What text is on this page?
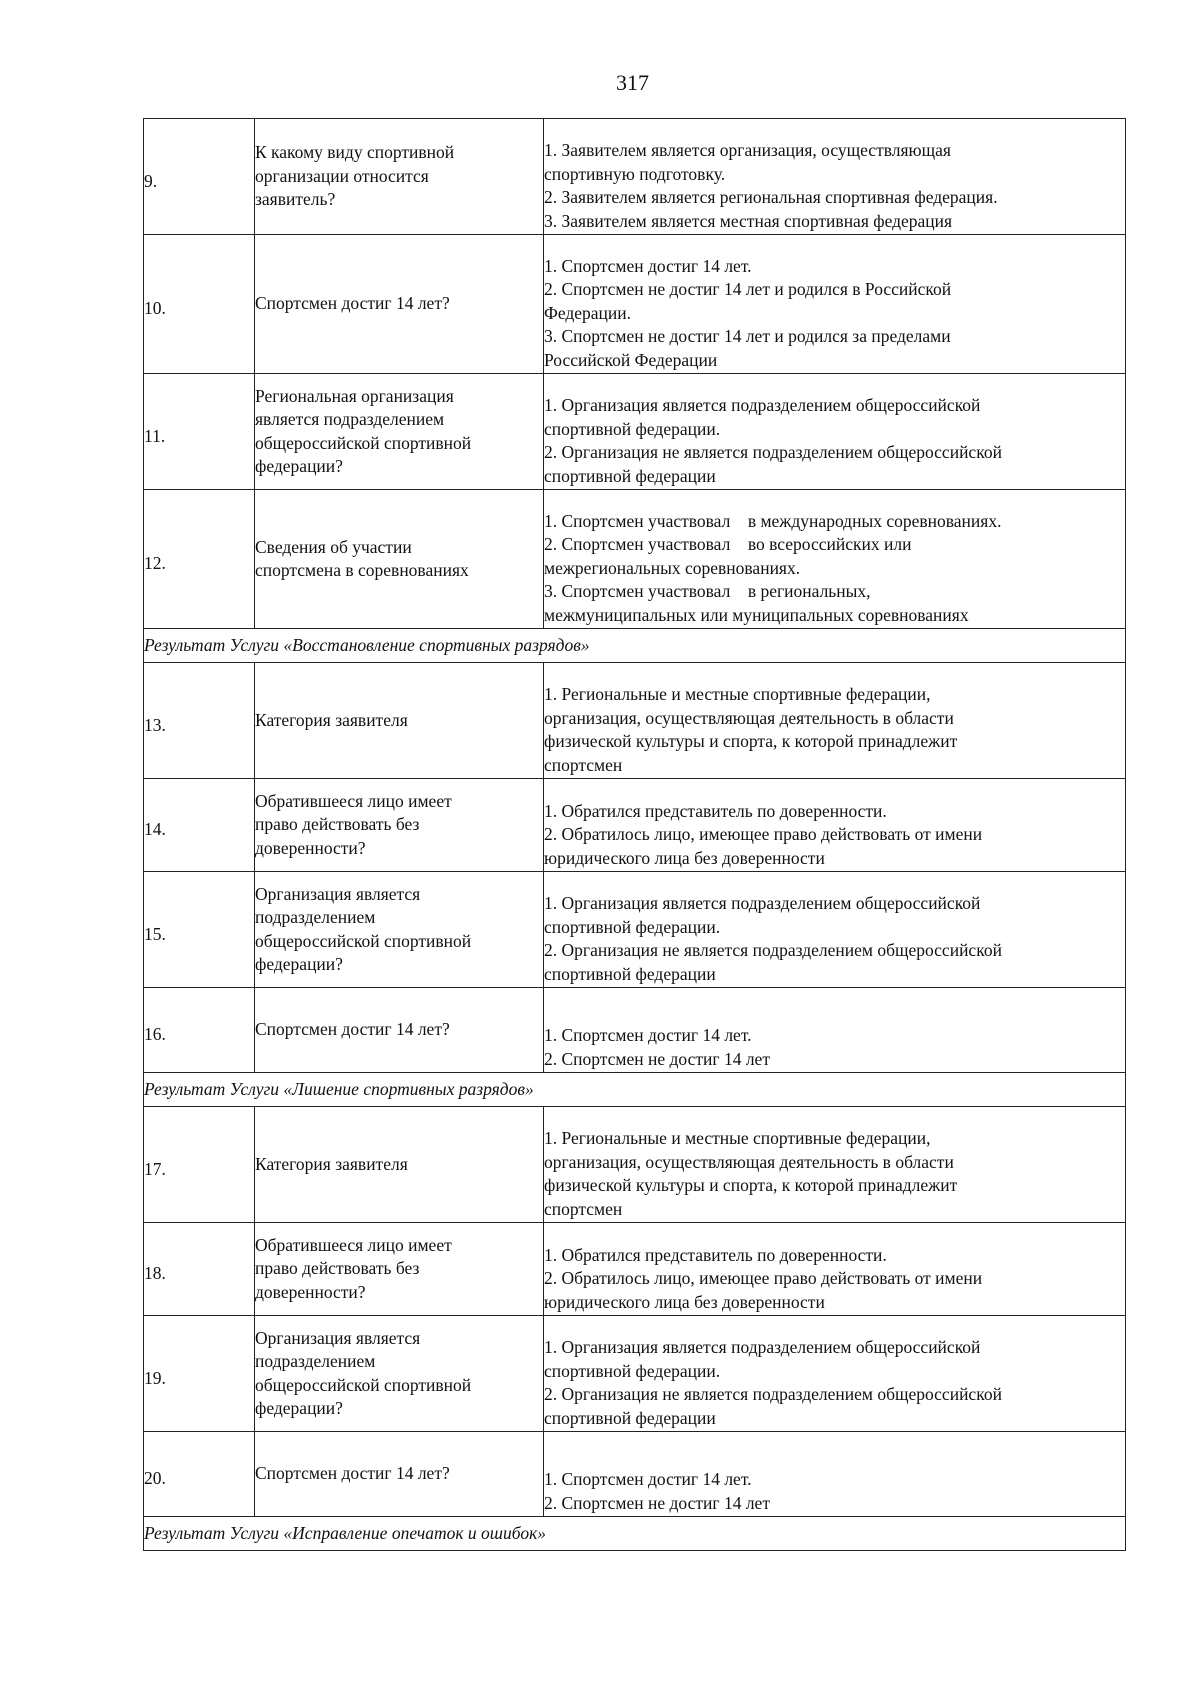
317
9.	К какому виду спортивной
организации относится
заявитель?	1. Заявителем является организация, осуществляющая
спортивную подготовку.
2. Заявителем является региональная спортивная федерация.
3. Заявителем является местная спортивная федерация

10.	Спортсмен достиг 14 лет?	1. Спортсмен достиг 14 лет.
2. Спортсмен не достиг 14 лет и родился в Российской
Федерации.
3. Спортсмен не достиг 14 лет и родился за пределами
Российской Федерации

11.	Региональная организация
является подразделением
общероссийской спортивной
федерации?	1. Организация является подразделением общероссийской
спортивной федерации.
2. Организация не является подразделением общероссийской
спортивной федерации

12.	Сведения об участии
спортсмена в соревнованиях	1. Спортсмен участвовал    в международных соревнованиях.
2. Спортсмен участвовал    во всероссийских или
межрегиональных соревнованиях.
3. Спортсмен участвовал    в региональных,
межмуниципальных или муниципальных соревнованиях

Результат Услуги «Восстановление спортивных разрядов»		
13.	Категория заявителя	1. Региональные и местные спортивные федерации,
организация, осуществляющая деятельность в области
физической культуры и спорта, к которой принадлежит
спортсмен

14.	Обратившееся лицо имеет
право действовать без
доверенности?	1. Обратился представитель по доверенности.
2. Обратилось лицо, имеющее право действовать от имени
юридического лица без доверенности

15.	Организация является
подразделением
общероссийской спортивной
федерации?	1. Организация является подразделением общероссийской
спортивной федерации.
2. Организация не является подразделением общероссийской
спортивной федерации

16.	Спортсмен достиг 14 лет?	1. Спортсмен достиг 14 лет.
2. Спортсмен не достиг 14 лет

Результат Услуги «Лишение спортивных разрядов»		
17.	Категория заявителя	1. Региональные и местные спортивные федерации,
организация, осуществляющая деятельность в области
физической культуры и спорта, к которой принадлежит
спортсмен

18.	Обратившееся лицо имеет
право действовать без
доверенности?	1. Обратился представитель по доверенности.
2. Обратилось лицо, имеющее право действовать от имени
юридического лица без доверенности

19.	Организация является
подразделением
общероссийской спортивной
федерации?	1. Организация является подразделением общероссийской
спортивной федерации.
2. Организация не является подразделением общероссийской
спортивной федерации

20.	Спортсмен достиг 14 лет?	1. Спортсмен достиг 14 лет.
2. Спортсмен не достиг 14 лет

Результат Услуги «Исправление опечаток и ошибок»		
